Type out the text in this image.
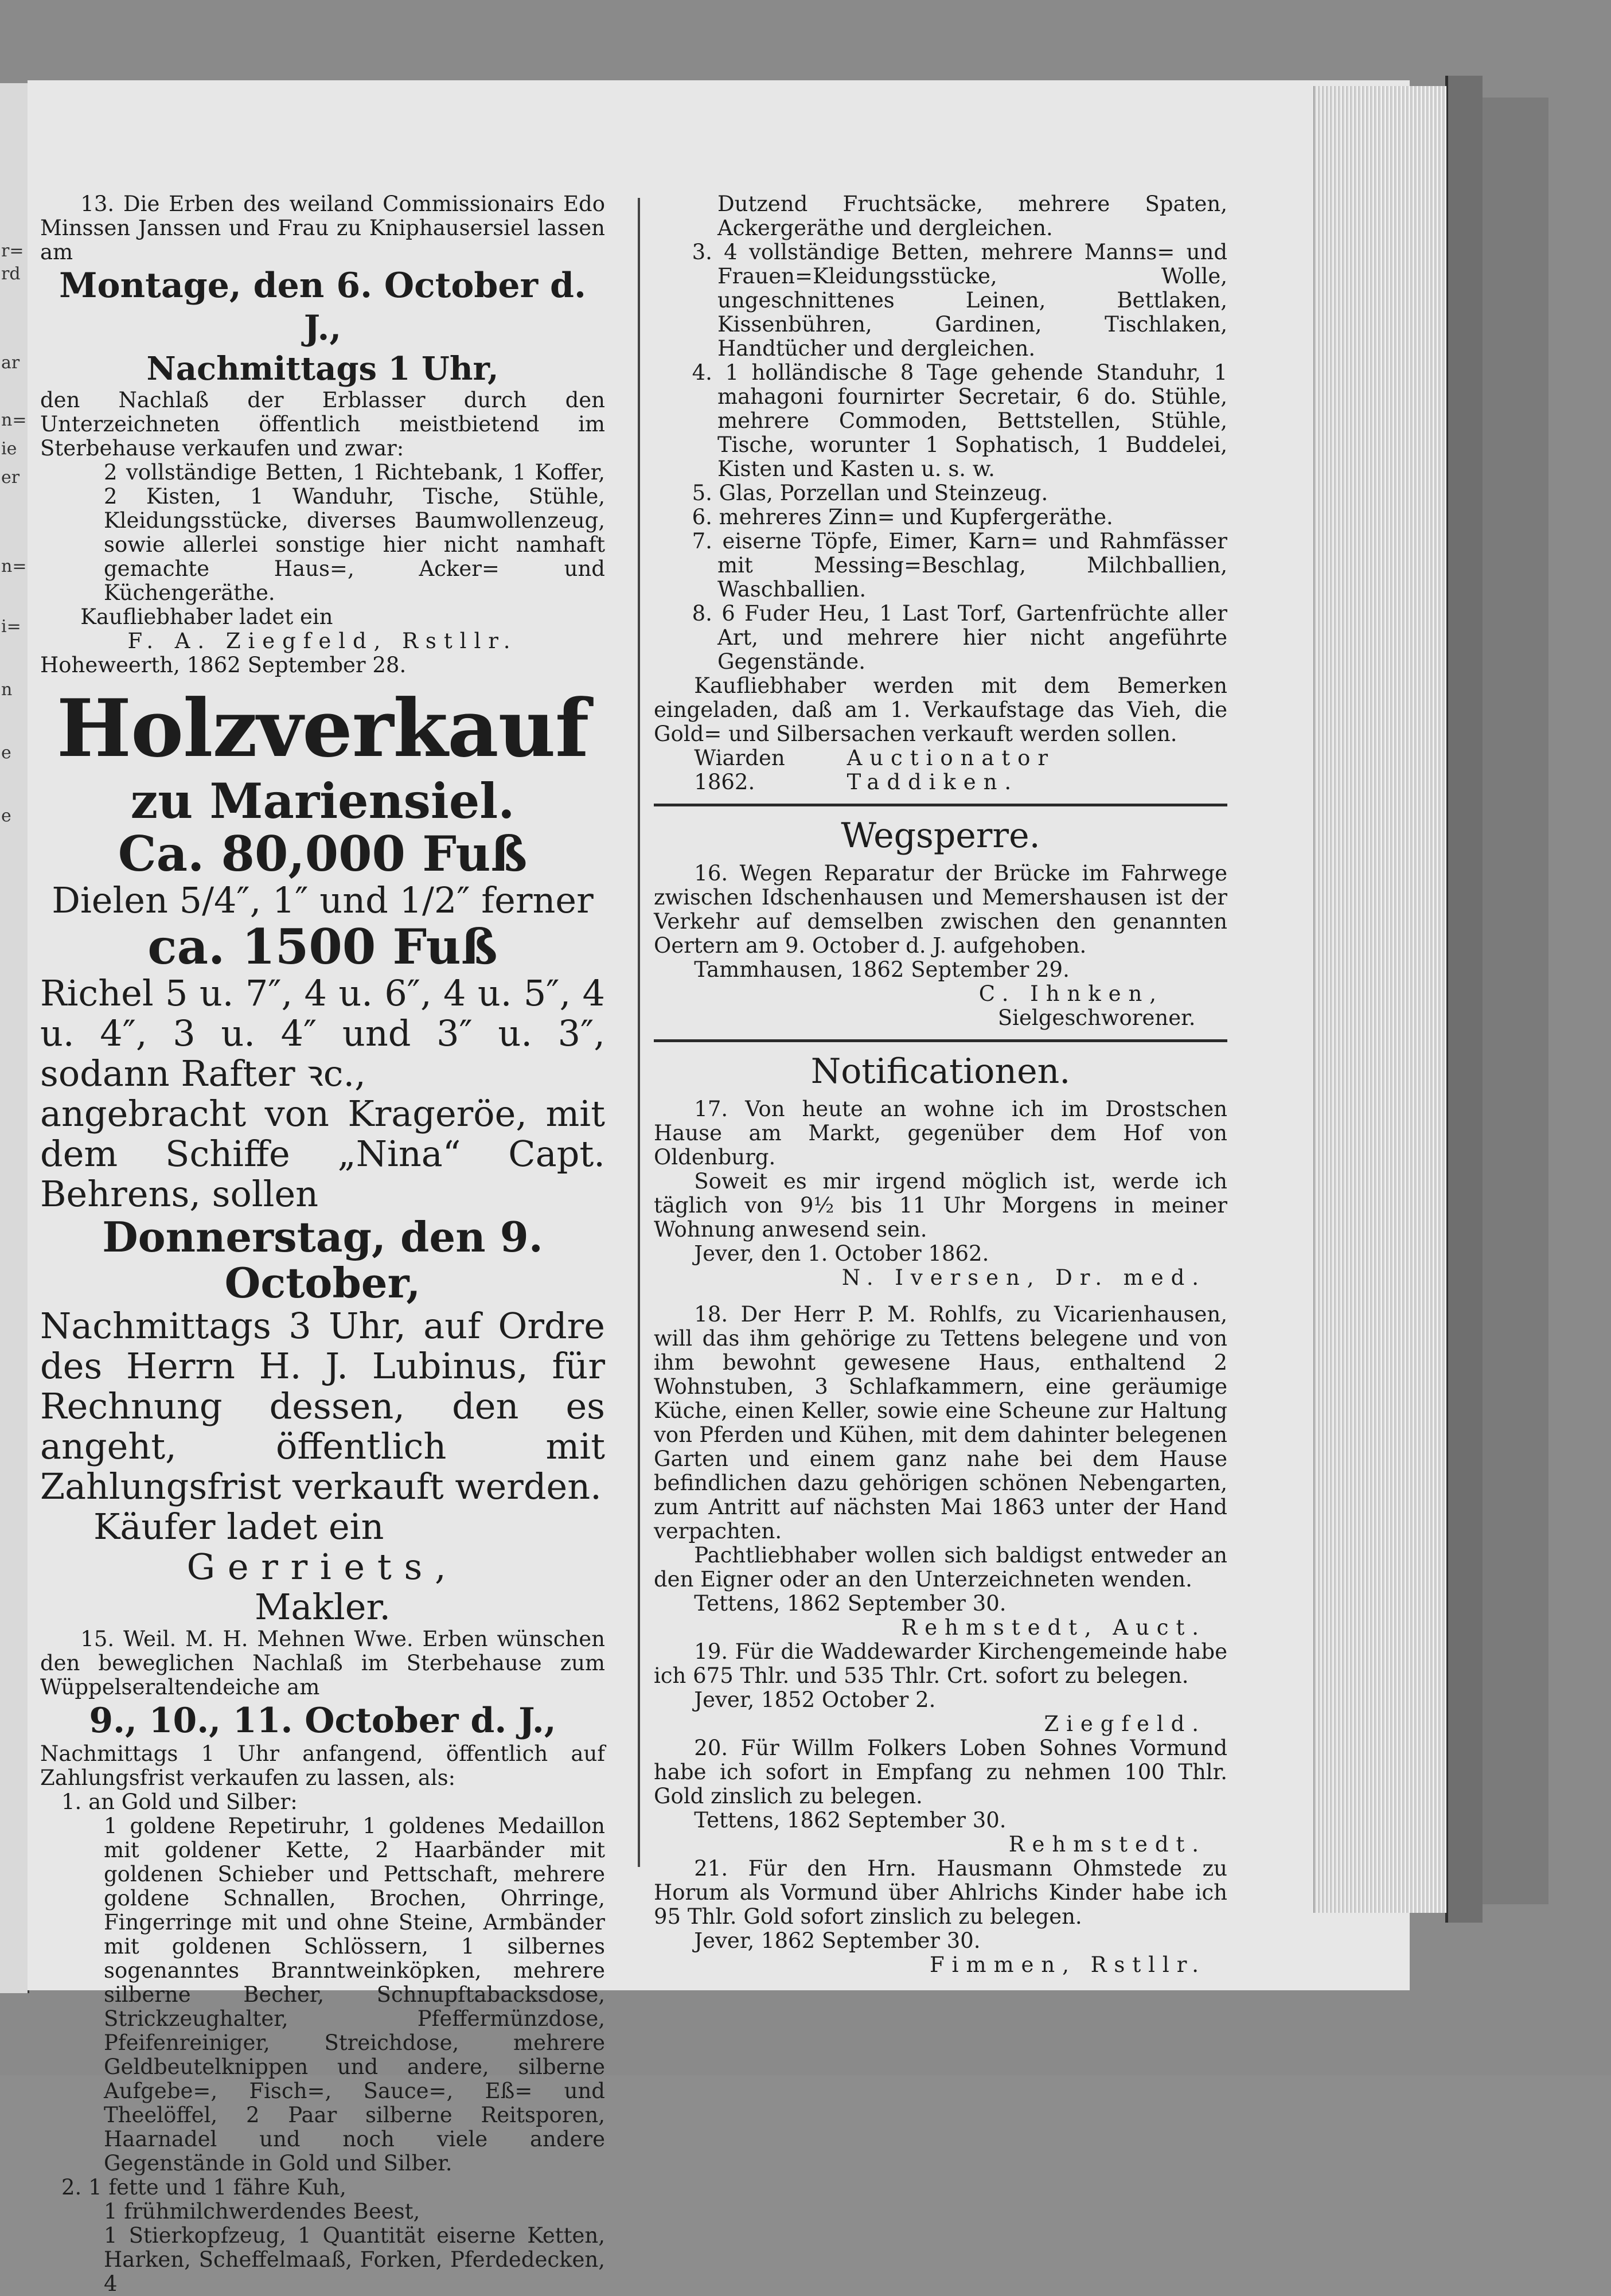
r=
rd
ar
n=
ie
er
n=
i=
n
e
e

13. Die Erben des weiland Commissionairs Edo Minssen Janssen und Frau zu Kniphausersiel lassen am

Montage, den 6. October d. J.,

Nachmittags 1 Uhr,

den Nachlaß der Erblasser durch den Unterzeichneten öffentlich meistbietend im Sterbehause verkaufen und zwar:

2 vollständige Betten, 1 Richtebank, 1 Koffer, 2 Kisten, 1 Wanduhr, Tische, Stühle, Kleidungsstücke, diverses Baumwollenzeug, sowie allerlei sonstige hier nicht namhaft gemachte Haus=, Acker= und Küchengeräthe.

Kaufliebhaber ladet ein

F. A. Ziegfeld, Rstllr.

Hoheweerth, 1862 September 28.

Holzverkauf

zu Mariensiel.

Ca. 80,000 Fuß

Dielen 5/4″, 1″ und 1/2″ ferner

ca. 1500 Fuß

Richel 5 u. 7″, 4 u. 6″, 4 u. 5″, 4 u. 4″, 3 u. 4″ und 3″ u. 3″, sodann Rafter ꝛc.,

angebracht von Krageröe, mit dem Schiffe „Nina“ Capt. Behrens, sollen

Donnerstag, den 9. October,

Nachmittags 3 Uhr, auf Ordre des Herrn H. J. Lubinus, für Rechnung dessen, den es angeht, öffentlich mit Zahlungsfrist verkauft werden.

Käufer ladet ein

Gerriets,

Makler.

15. Weil. M. H. Mehnen Wwe. Erben wünschen den beweglichen Nachlaß im Sterbehause zum Wüppelseraltendeiche am

9., 10., 11. October d. J.,

Nachmittags 1 Uhr anfangend, öffentlich auf Zahlungsfrist verkaufen zu lassen, als:

1. an Gold und Silber:

1 goldene Repetiruhr, 1 goldenes Medaillon mit goldener Kette, 2 Haarbänder mit goldenen Schieber und Pettschaft, mehrere goldene Schnallen, Brochen, Ohrringe, Fingerringe mit und ohne Steine, Armbänder mit goldenen Schlössern, 1 silbernes sogenanntes Branntweinköpken, mehrere silberne Becher, Schnupftabacksdose, Strickzeughalter, Pfeffermünzdose, Pfeifenreiniger, Streichdose, mehrere Geldbeutelknippen und andere, silberne Aufgebe=, Fisch=, Sauce=, Eß= und Theelöffel, 2 Paar silberne Reitsporen, Haarnadel und noch viele andere Gegenstände in Gold und Silber.

2. 1 fette und 1 fähre Kuh,

1 frühmilchwerdendes Beest,

1 Stierkopfzeug, 1 Quantität eiserne Ketten, Harken, Scheffelmaaß, Forken, Pferdedecken, 4

Dutzend Fruchtsäcke, mehrere Spaten, Ackergeräthe und dergleichen.

3. 4 vollständige Betten, mehrere Manns= und Frauen=Kleidungsstücke, Wolle, ungeschnittenes Leinen, Bettlaken, Kissenbühren, Gardinen, Tischlaken, Handtücher und dergleichen.

4. 1 holländische 8 Tage gehende Standuhr, 1 mahagoni fournirter Secretair, 6 do. Stühle, mehrere Commoden, Bettstellen, Stühle, Tische, worunter 1 Sophatisch, 1 Buddelei, Kisten und Kasten u. s. w.

5. Glas, Porzellan und Steinzeug.

6. mehreres Zinn= und Kupfergeräthe.

7. eiserne Töpfe, Eimer, Karn= und Rahmfässer mit Messing=Beschlag, Milchballien, Waschballien.

8. 6 Fuder Heu, 1 Last Torf, Gartenfrüchte aller Art, und mehrere hier nicht angeführte Gegenstände.

Kaufliebhaber werden mit dem Bemerken eingeladen, daß am 1. Verkaufstage das Vieh, die Gold= und Silbersachen verkauft werden sollen.

Wiarden 1862.
Auctionator Taddiken.

Wegsperre.

16. Wegen Reparatur der Brücke im Fahrwege zwischen Idschenhausen und Memershausen ist der Verkehr auf demselben zwischen den genannten Oertern am 9. October d. J. aufgehoben.

Tammhausen, 1862 September 29.

C. Ihnken,

Sielgeschworener.

Notificationen.

17. Von heute an wohne ich im Drostschen Hause am Markt, gegenüber dem Hof von Oldenburg.

Soweit es mir irgend möglich ist, werde ich täglich von 9½ bis 11 Uhr Morgens in meiner Wohnung anwesend sein.

Jever, den 1. October 1862.

N. Iversen, Dr. med.

18. Der Herr P. M. Rohlfs, zu Vicarienhausen, will das ihm gehörige zu Tettens belegene und von ihm bewohnt gewesene Haus, enthaltend 2 Wohnstuben, 3 Schlafkammern, eine geräumige Küche, einen Keller, sowie eine Scheune zur Haltung von Pferden und Kühen, mit dem dahinter belegenen Garten und einem ganz nahe bei dem Hause befindlichen dazu gehörigen schönen Nebengarten, zum Antritt auf nächsten Mai 1863 unter der Hand verpachten.

Pachtliebhaber wollen sich baldigst entweder an den Eigner oder an den Unterzeichneten wenden.

Tettens, 1862 September 30.

Rehmstedt, Auct.

19. Für die Waddewarder Kirchengemeinde habe ich 675 Thlr. und 535 Thlr. Crt. sofort zu belegen.

Jever, 1852 October 2.

Ziegfeld.

20. Für Willm Folkers Loben Sohnes Vormund habe ich sofort in Empfang zu nehmen 100 Thlr. Gold zinslich zu belegen.

Tettens, 1862 September 30.

Rehmstedt.

21. Für den Hrn. Hausmann Ohmstede zu Horum als Vormund über Ahlrichs Kinder habe ich 95 Thlr. Gold sofort zinslich zu belegen.

Jever, 1862 September 30.

Fimmen, Rstllr.
